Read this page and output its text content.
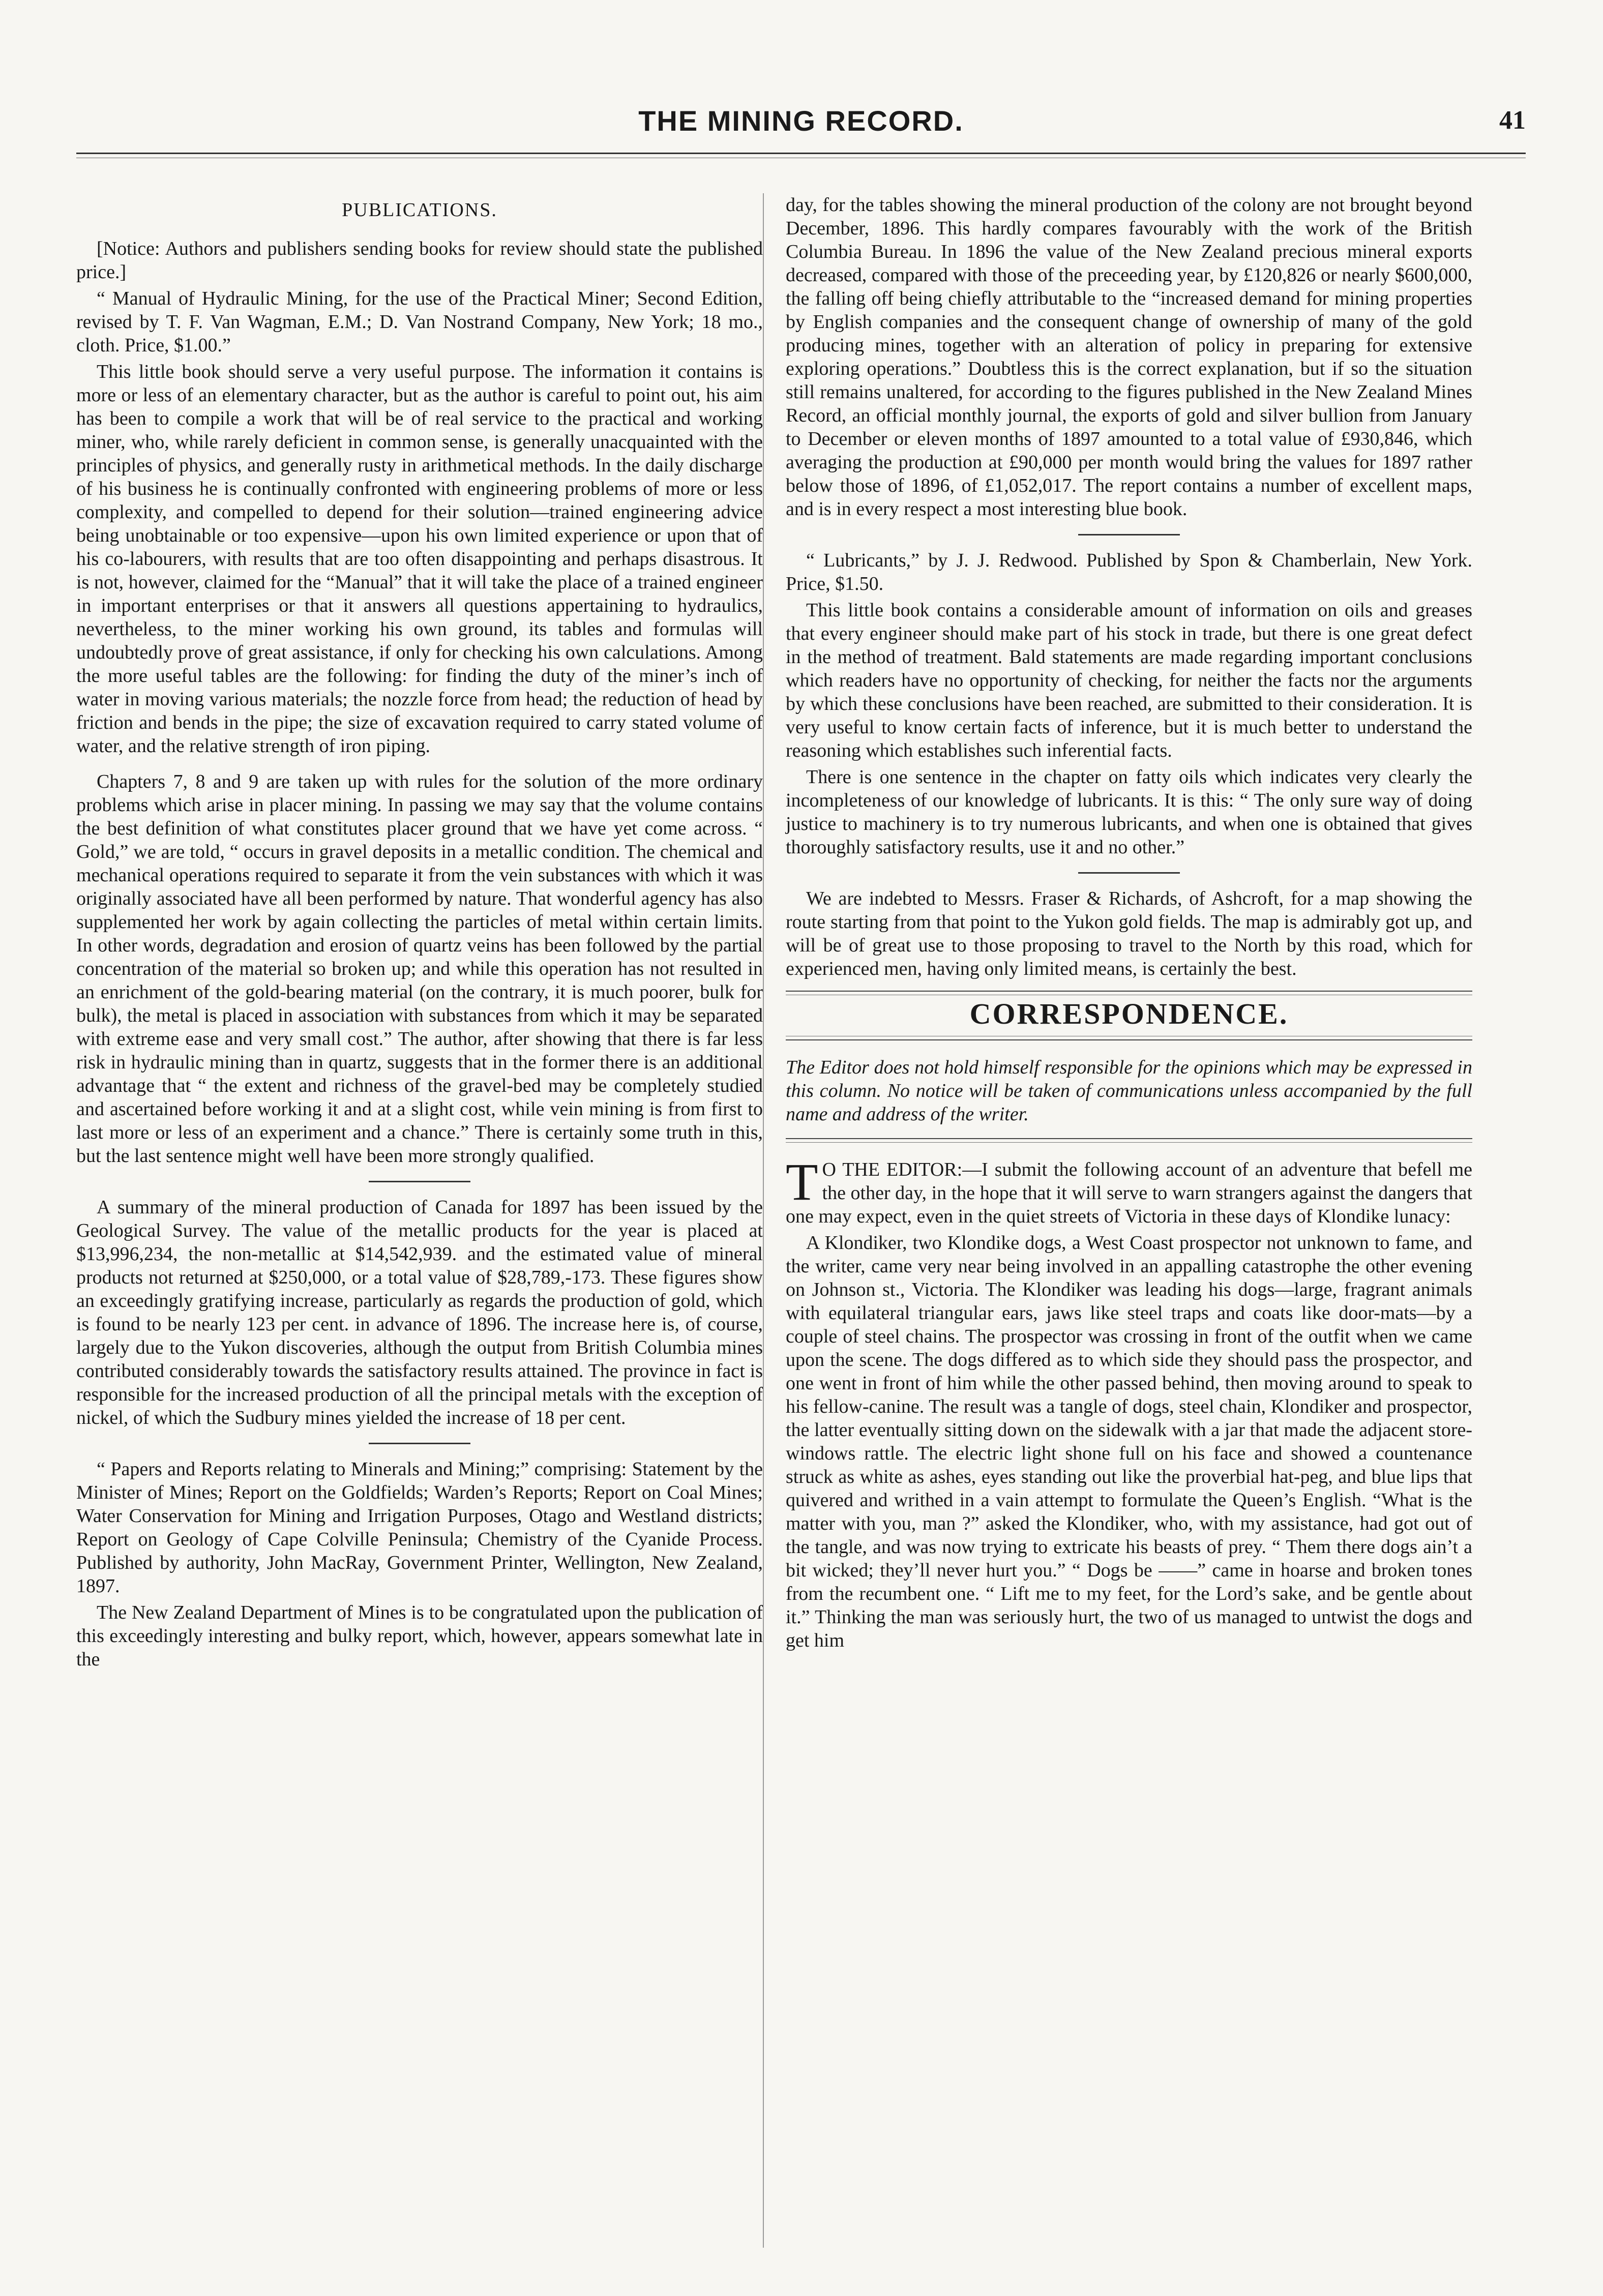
THE MINING RECORD.	41
PUBLICATIONS.

[Notice: Authors and publishers sending books for review should state the published price.]

“ Manual of Hydraulic Mining, for the use of the Practical Miner; Second Edition, revised by T. F. Van Wagman, E.M.; D. Van Nostrand Company, New York; 18 mo., cloth. Price, $1.00.”

This little book should serve a very useful purpose. The information it contains is more or less of an elementary character, but as the author is careful to point out, his aim has been to compile a work that will be of real service to the practical and working miner, who, while rarely deficient in common sense, is generally unacquainted with the principles of physics, and generally rusty in arithmetical methods. In the daily discharge of his business he is continually confronted with engineering problems of more or less complexity, and compelled to depend for their solution—trained engineering advice being unobtainable or too expensive—upon his own limited experience or upon that of his co-labourers, with results that are too often disappointing and perhaps disastrous. It is not, however, claimed for the “Manual” that it will take the place of a trained engineer in important enterprises or that it answers all questions appertaining to hydraulics, nevertheless, to the miner working his own ground, its tables and formulas will undoubtedly prove of great assistance, if only for checking his own calculations. Among the more useful tables are the following: for finding the duty of the miner’s inch of water in moving various materials; the nozzle force from head; the reduction of head by friction and bends in the pipe; the size of excavation required to carry stated volume of water, and the relative strength of iron piping.

Chapters 7, 8 and 9 are taken up with rules for the solution of the more ordinary problems which arise in placer mining. In passing we may say that the volume contains the best definition of what constitutes placer ground that we have yet come across. “ Gold,” we are told, “ occurs in gravel deposits in a metallic condition. The chemical and mechanical operations required to separate it from the vein substances with which it was originally associated have all been performed by nature. That wonderful agency has also supplemented her work by again collecting the particles of metal within certain limits. In other words, degradation and erosion of quartz veins has been followed by the partial concentration of the material so broken up; and while this operation has not resulted in an enrichment of the gold-bearing material (on the contrary, it is much poorer, bulk for bulk), the metal is placed in association with substances from which it may be separated with extreme ease and very small cost.” The author, after showing that there is far less risk in hydraulic mining than in quartz, suggests that in the former there is an additional advantage that “ the extent and richness of the gravel-bed may be completely studied and ascertained before working it and at a slight cost, while vein mining is from first to last more or less of an experiment and a chance.” There is certainly some truth in this, but the last sentence might well have been more strongly qualified.

A summary of the mineral production of Canada for 1897 has been issued by the Geological Survey. The value of the metallic products for the year is placed at $13,996,234, the non-metallic at $14,542,939. and the estimated value of mineral products not returned at $250,000, or a total value of $28,789,-173. These figures show an exceedingly gratifying increase, particularly as regards the production of gold, which is found to be nearly 123 per cent. in advance of 1896. The increase here is, of course, largely due to the Yukon discoveries, although the output from British Columbia mines contributed considerably towards the satisfactory results attained. The province in fact is responsible for the increased production of all the principal metals with the exception of nickel, of which the Sudbury mines yielded the increase of 18 per cent.

“ Papers and Reports relating to Minerals and Mining;” comprising: Statement by the Minister of Mines; Report on the Goldfields; Warden’s Reports; Report on Coal Mines; Water Conservation for Mining and Irrigation Purposes, Otago and Westland districts; Report on Geology of Cape Colville Peninsula; Chemistry of the Cyanide Process. Published by authority, John MacRay, Government Printer, Wellington, New Zealand, 1897.

The New Zealand Department of Mines is to be congratulated upon the publication of this exceedingly interesting and bulky report, which, however, appears somewhat late in the

day, for the tables showing the mineral production of the colony are not brought beyond December, 1896. This hardly compares favourably with the work of the British Columbia Bureau. In 1896 the value of the New Zealand precious mineral exports decreased, compared with those of the preceeding year, by £120,826 or nearly $600,000, the falling off being chiefly attributable to the “increased demand for mining properties by English companies and the consequent change of ownership of many of the gold producing mines, together with an alteration of policy in preparing for extensive exploring operations.” Doubtless this is the correct explanation, but if so the situation still remains unaltered, for according to the figures published in the New Zealand Mines Record, an official monthly journal, the exports of gold and silver bullion from January to December or eleven months of 1897 amounted to a total value of £930,846, which averaging the production at £90,000 per month would bring the values for 1897 rather below those of 1896, of £1,052,017. The report contains a number of excellent maps, and is in every respect a most interesting blue book.

“ Lubricants,” by J. J. Redwood. Published by Spon & Chamberlain, New York. Price, $1.50.

This little book contains a considerable amount of information on oils and greases that every engineer should make part of his stock in trade, but there is one great defect in the method of treatment. Bald statements are made regarding important conclusions which readers have no opportunity of checking, for neither the facts nor the arguments by which these conclusions have been reached, are submitted to their consideration. It is very useful to know certain facts of inference, but it is much better to understand the reasoning which establishes such inferential facts.

There is one sentence in the chapter on fatty oils which indicates very clearly the incompleteness of our knowledge of lubricants. It is this: “ The only sure way of doing justice to machinery is to try numerous lubricants, and when one is obtained that gives thoroughly satisfactory results, use it and no other.”

We are indebted to Messrs. Fraser & Richards, of Ashcroft, for a map showing the route starting from that point to the Yukon gold fields. The map is admirably got up, and will be of great use to those proposing to travel to the North by this road, which for experienced men, having only limited means, is certainly the best.

CORRESPONDENCE.

The Editor does not hold himself responsible for the opinions which may be expressed in this column. No notice will be taken of communications unless accompanied by the full name and address of the writer.

T O THE EDITOR:—I submit the following account of an adventure that befell me the other day, in the hope that it will serve to warn strangers against the dangers that one may expect, even in the quiet streets of Victoria in these days of Klondike lunacy:

A Klondiker, two Klondike dogs, a West Coast prospector not unknown to fame, and the writer, came very near being involved in an appalling catastrophe the other evening on Johnson st., Victoria. The Klondiker was leading his dogs—large, fragrant animals with equilateral triangular ears, jaws like steel traps and coats like door-mats—by a couple of steel chains. The prospector was crossing in front of the outfit when we came upon the scene. The dogs differed as to which side they should pass the prospector, and one went in front of him while the other passed behind, then moving around to speak to his fellow-canine. The result was a tangle of dogs, steel chain, Klondiker and prospector, the latter eventually sitting down on the sidewalk with a jar that made the adjacent store-windows rattle. The electric light shone full on his face and showed a countenance struck as white as ashes, eyes standing out like the proverbial hat-peg, and blue lips that quivered and writhed in a vain attempt to formulate the Queen’s English. “What is the matter with you, man ?” asked the Klondiker, who, with my assistance, had got out of the tangle, and was now trying to extricate his beasts of prey. “ Them there dogs ain’t a bit wicked; they’ll never hurt you.” “ Dogs be ——” came in hoarse and broken tones from the recumbent one. “ Lift me to my feet, for the Lord’s sake, and be gentle about it.” Thinking the man was seriously hurt, the two of us managed to untwist the dogs and get him
